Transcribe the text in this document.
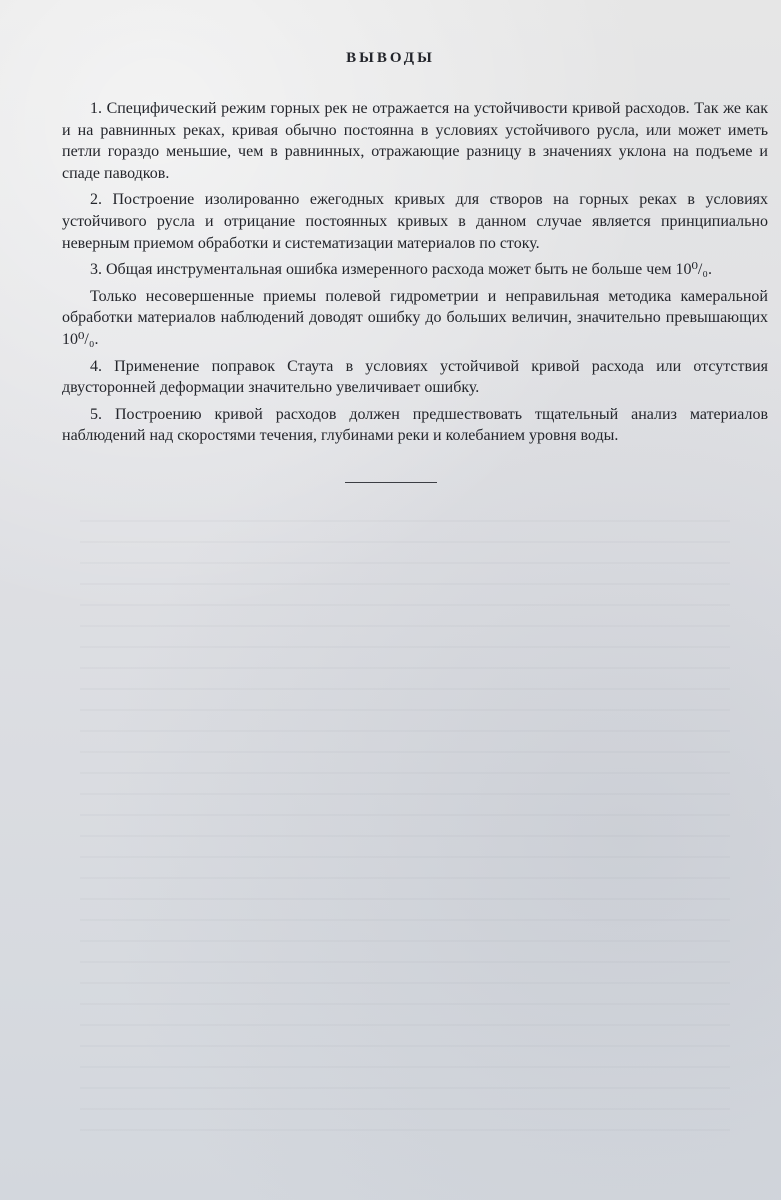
ВЫВОДЫ

1. Специфический режим горных рек не отражается на устойчивости кривой расходов. Так же как и на равнинных реках, кривая обычно постоянна в условиях устойчивого русла, или может иметь петли гораздо меньшие, чем в равнинных, отражающие разницу в значениях уклона на подъеме и спаде паводков.

2. Построение изолированно ежегодных кривых для створов на горных реках в условиях устойчивого русла и отрицание постоянных кривых в данном случае является принципиально неверным приемом обработки и систематизации материалов по стоку.

3. Общая инструментальная ошибка измеренного расхода может быть не больше чем 10⁰/₀.

Только несовершенные приемы полевой гидрометрии и неправильная методика камеральной обработки материалов наблюдений доводят ошибку до больших величин, значительно превышающих 10⁰/₀.

4. Применение поправок Стаута в условиях устойчивой кривой расхода или отсутствия двусторонней деформации значительно увеличивает ошибку.

5. Построению кривой расходов должен предшествовать тщательный анализ материалов наблюдений над скоростями течения, глубинами реки и колебанием уровня воды.
